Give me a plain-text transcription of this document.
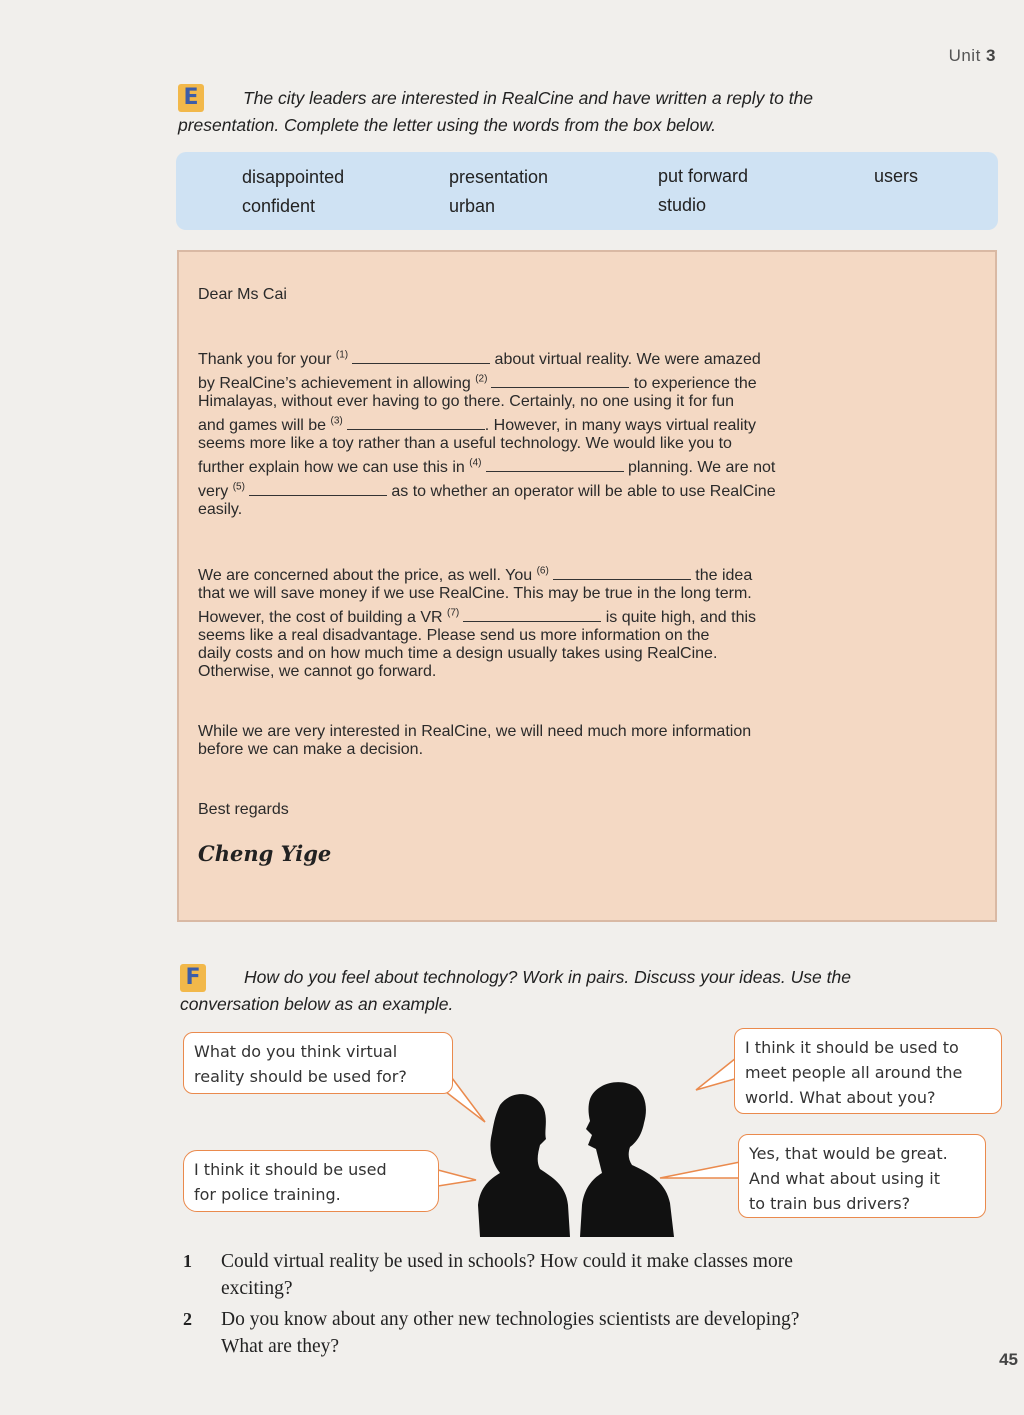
Unit 3
E	The city leaders are interested in RealCine and have written a reply to the
presentation. Complete the letter using the words from the box below.
disappointed	presentation	put forward	users
confident	urban	studio

Dear Ms Cai

Thank you for your $^{(1)}$	about virtual reality. We were amazed
by RealCine’s achievement in allowing $^{(2)}$	to experience the
Himalayas, without ever having to go there. Certainly, no one using it for fun
and games will be $^{(3)}$	. However, in many ways virtual reality
seems more like a toy rather than a useful technology. We would like you to
further explain how we can use this in $^{(4)}$	planning. We are not
very $^{(5)}$	as to whether an operator will be able to use RealCine
easily.

We are concerned about the price, as well. You $^{(6)}$	the idea
that we will save money if we use RealCine. This may be true in the long term.
However, the cost of building a VR $^{(7)}$	is quite high, and this
seems like a real disadvantage. Please send us more information on the
daily costs and on how much time a design usually takes using RealCine.
Otherwise, we cannot go forward.

While we are very interested in RealCine, we will need much more information
before we can make a decision.

Best regards

Cheng Yige
F	How do you feel about technology? Work in pairs. Discuss your ideas. Use the
conversation below as an example.
What do you think virtual
reality should be used for?
I think it should be used
for police training.
I think it should be used to
meet people all around the
world. What about you?
Yes, that would be great.
And what about using it
to train bus drivers?
1 Could virtual reality be used in schools? How could it make classes more
exciting?
2 Do you know about any other new technologies scientists are developing?
What are they?
45
